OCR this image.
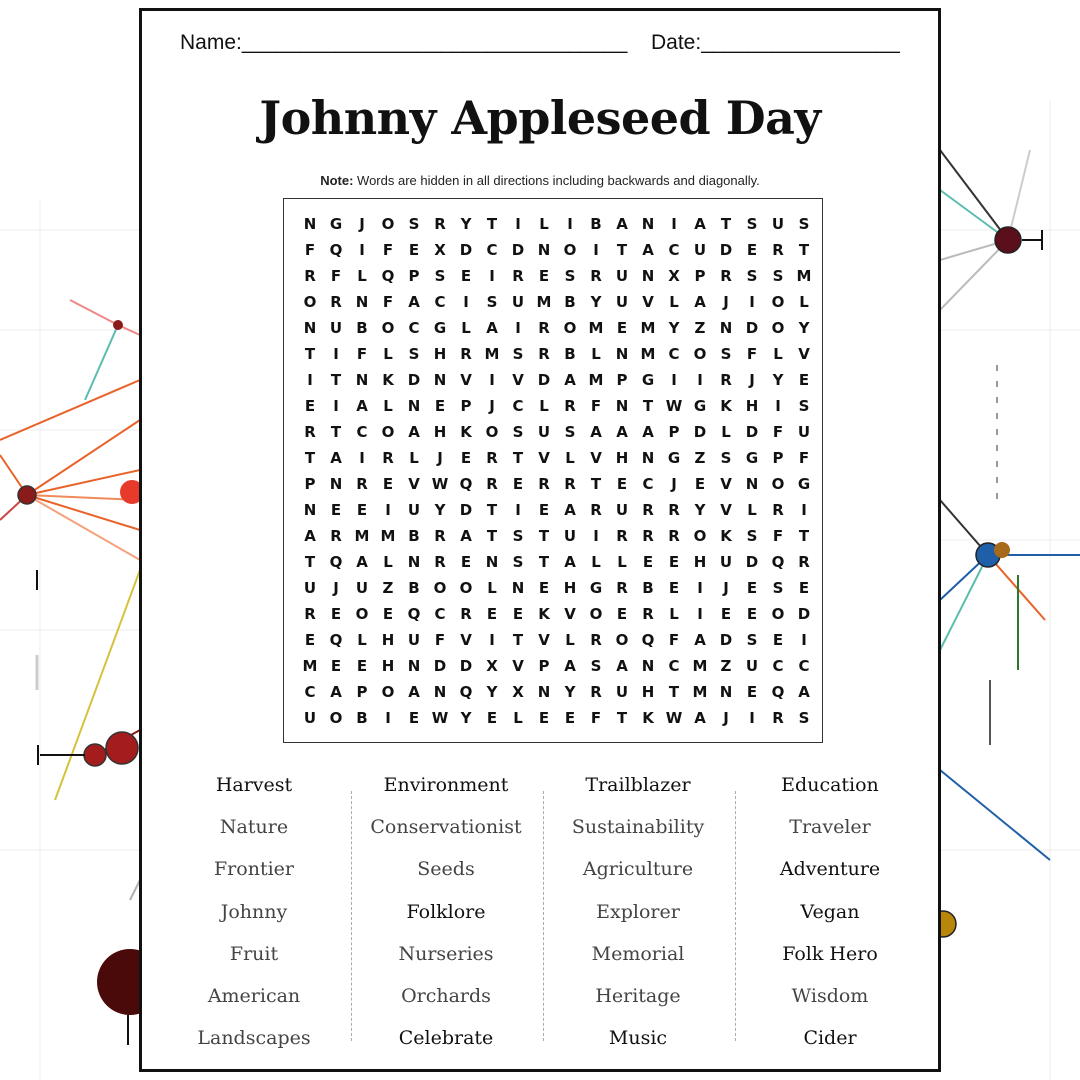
Name:_________________________________ Date:_________________
Johnny Appleseed Day
Note: Words are hidden in all directions including backwards and diagonally.
N G	J	O S R Y	T	I	L	I	B A N	I	A	T	S U S
F Q	I	F	E	X D C D N O	I	T	A C U D E	R	T
R	F	L Q P	S	E	I	R	E	S R U N X P R S	S M
O R N F	A C	I	S U M B Y U V	L	A	J	I	O L
N U B O C G	L	A	I	R O M E M Y	Z N D O Y
T	I	F	L	S H R M S R B	L N M C O S	F	L	V
I	T N K D N V	I	V D A M P G	I	I	R	J	Y	E
E	I	A	L N E	P	J	C	L	R	F N T W G K H	I	S
R	T	C O A H K O S U S A A A P D	L D F U
T	A	I	R	L	J	E	R	T	V	L	V H N G Z	S G P	F
P N R	E	V W Q R	E	R R	T	E	C	J	E	V N O G
N E	E	I	U Y D T	I	E	A R U R R Y V	L	R	I
A R M M B R A	T	S	T U	I	R R R O K S	F	T
T Q A	L N R	E N S	T	A	L	L	E	E H U D Q R
U	J	U Z B O O L N E H G R B	E	I	J	E	S	E
R	E O E Q C R	E	E	K V O E	R	L	I	E	E O D
E Q L H U F	V	I	T	V	L	R O Q F	A D S	E	I
M E	E H N D D X V P A S A N C M Z U C C
C A P O A N Q Y X N Y R U H T M N E Q A
U O B	I	E W Y	E	L	E	E	F	T	K W A	J	I	R S
Harvest
Nature
Frontier
Johnny
Fruit
American
Landscapes
Environment
Conservationist
Seeds
Folklore
Nurseries
Orchards
Celebrate
Trailblazer
Sustainability
Agriculture
Explorer
Memorial
Heritage
Music
Education
Traveler
Adventure
Vegan
Folk Hero
Wisdom
Cider
